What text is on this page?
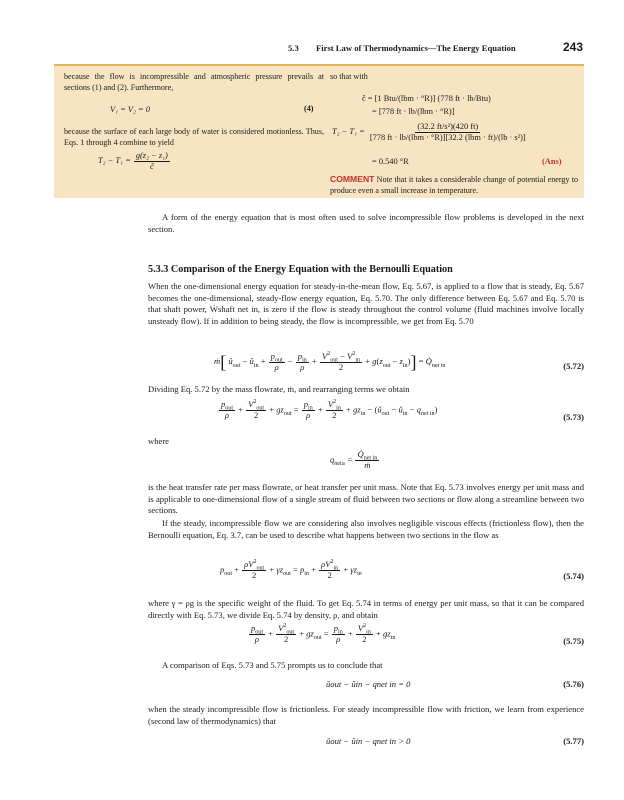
5.3 First Law of Thermodynamics—The Energy Equation	243
because the flow is incompressible and atmospheric pressure prevails at sections (1) and (2). Furthermore,
V₁ = V₂ = 0	(4)
because the surface of each large body of water is considered motionless. Thus, Eqs. 1 through 4 combine to yield
$T_2 - T_1 = \frac{\text{g(z₂ − z₁)}}{č}$
so that with
č = [1 Btu/(lbm · °R)] (778 ft · lb/Btu)
= [778 ft · lb/(lbm · °R)]
$T_2 - T_1 = \frac{\text{(32.2 ft/s²)(420 ft)}}{\text{[778 ft · lb/(lbm · °R)][32.2 (lbm · ft)/(lb · s²)]}}$
= 0.540 °R	(Ans)
COMMENT Note that it takes a considerable change of potential energy to produce even a small increase in temperature.
A form of the energy equation that is most often used to solve incompressible flow problems is developed in the next section.
5.3.3 Comparison of the Energy Equation with the Bernoulli Equation
When the one-dimensional energy equation for steady-in-the-mean flow, Eq. 5.67, is applied to a flow that is steady, Eq. 5.67 becomes the one-dimensional, steady-flow energy equation, Eq. 5.70. The only difference between Eq. 5.67 and Eq. 5.70 is that shaft power, Ẇshaft net in, is zero if the flow is steady throughout the control volume (fluid machines involve locally unsteady flow). If in addition to being steady, the flow is incompressible, we get from Eq. 5.70
ṁ[ $ǔ_{out}$ − $ǔ_{in} + \frac{p_{out}}{\rho} - \frac{p_{in}}{\rho} + \frac{V^2_{out} - V^2_{in}}{2} + g(z_{out} - z_{in})$] = $Q̇_{net in}$	(5.72)
Dividing Eq. 5.72 by the mass flowrate, ṁ, and rearranging terms we obtain
$\frac{p_{out}}{\rho} + \frac{V^2_{out}}{2} + gz_{out} = \frac{p_{in}}{\rho} + \frac{V^2_{in}}{2} + gz_{in}$ − ($ǔ_{out}$ − $ǔ_{in} - q_{net in}$)
(5.73)
where
$q_{netin} = \frac{Q̇_{net in}}{\text{ṁ}}$
is the heat transfer rate per mass flowrate, or heat transfer per unit mass. Note that Eq. 5.73 involves energy per unit mass and is applicable to one-dimensional flow of a single stream of fluid between two sections or flow along a streamline between two sections.
If the steady, incompressible flow we are considering also involves negligible viscous effects (frictionless flow), then the Bernoulli equation, Eq. 3.7, can be used to describe what happens between two sections in the flow as
$p_{out} + \frac{\rho V^2_{out}}{2} + \gamma z_{out} = p_{in} + \frac{\rho V^2_{in}}{2} + \gamma z_{in}$	(5.74)
where γ = ρg is the specific weight of the fluid. To get Eq. 5.74 in terms of energy per unit mass, so that it can be compared directly with Eq. 5.73, we divide Eq. 5.74 by density, ρ, and obtain
$\frac{p_{out}}{\rho} + \frac{V^2_{out}}{2} + gz_{out} = \frac{p_{in}}{\rho} + \frac{V^2_{in}}{2} + gz_{in}$	(5.75)
A comparison of Eqs. 5.73 and 5.75 prompts us to conclude that
ǔout − ǔin − qnet in = 0	(5.76)
when the steady incompressible flow is frictionless. For steady incompressible flow with friction, we learn from experience (second law of thermodynamics) that
ǔout − ǔin − qnet in > 0	(5.77)
